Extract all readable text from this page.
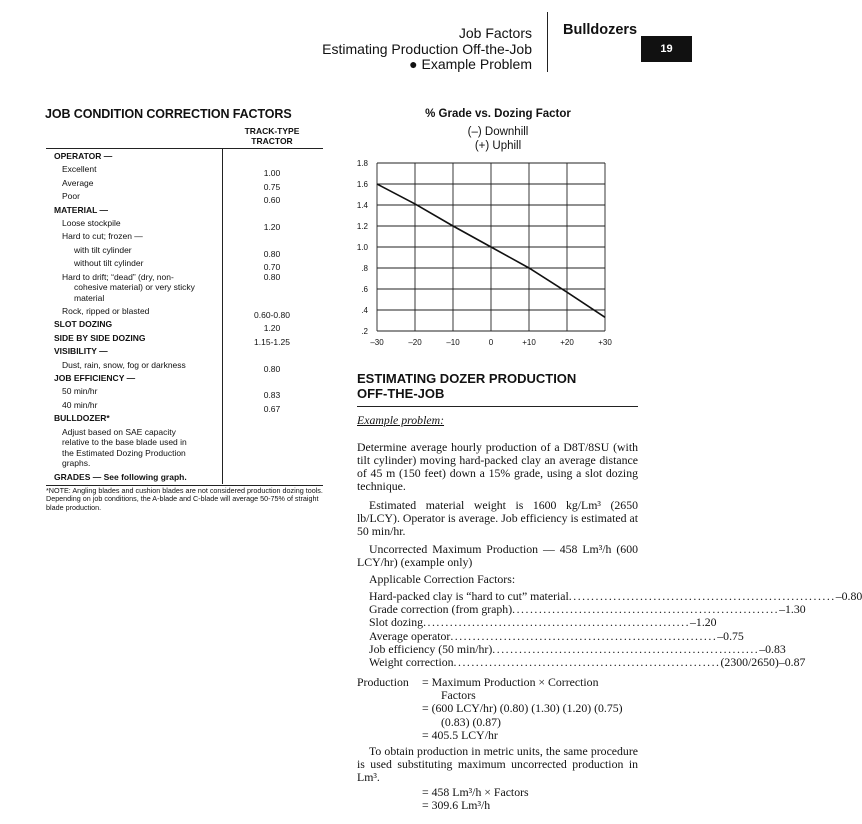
Job Factors
Estimating Production Off-the-Job
● Example Problem
Bulldozers
19
JOB CONDITION CORRECTION FACTORS
TRACK-TYPE
TRACTOR
OPERATOR —
Excellent	1.00
Average	0.75
Poor	0.60
MATERIAL —
Loose stockpile	1.20
Hard to cut; frozen —
with tilt cylinder	0.80
without tilt cylinder	0.70
Hard to drift; “dead” (dry, non-	0.80
cohesive material) or very sticky
material
Rock, ripped or blasted	0.60-0.80
SLOT DOZING	1.20
SIDE BY SIDE DOZING	1.15-1.25
VISIBILITY —
Dust, rain, snow, fog or darkness	0.80
JOB EFFICIENCY —
50 min/hr	0.83
40 min/hr	0.67
BULLDOZER*
Adjust based on SAE capacity
relative to the base blade used in
the Estimated Dozing Production
graphs.
GRADES — See following graph.
*NOTE: Angling blades and cushion blades are not considered production dozing tools. Depending on job conditions, the A-blade and C-blade will average 50-75% of straight blade production.
% Grade vs. Dozing Factor
(–) Downhill
(+) Uphill
–30	–20	–10	0	+10	+20	+30
1.8
1.6
1.4
1.2
1.0
.8
.6
.4
.2
ESTIMATING DOZER PRODUCTION
OFF-THE-JOB
Example problem:
Determine average hourly production of a D8T/8SU (with tilt cylinder) moving hard-packed clay an average distance of 45 m (150 feet) down a 15% grade, using a slot dozing technique.
Estimated material weight is 1600 kg/Lm³ (2650 lb/LCY). Operator is average. Job efficiency is estimated at 50 min/hr.
Uncorrected Maximum Production — 458 Lm³/h (600 LCY/hr) (example only)
Applicable Correction Factors:
Hard-packed clay is “hard to cut” material ............................................................ –0.80
Grade correction (from graph) ............................................................ –1.30
Slot dozing ............................................................ –1.20
Average operator ............................................................ –0.75
Job efficiency (50 min/hr) ............................................................ –0.83
Weight correction ............................................................ (2300/2650)–0.87
Production = Maximum Production × Correction
Factors
= (600 LCY/hr) (0.80) (1.30) (1.20) (0.75)
(0.83) (0.87)
= 405.5 LCY/hr
To obtain production in metric units, the same procedure is used substituting maximum uncorrected production in Lm³.
= 458 Lm³/h × Factors
= 309.6 Lm³/h
